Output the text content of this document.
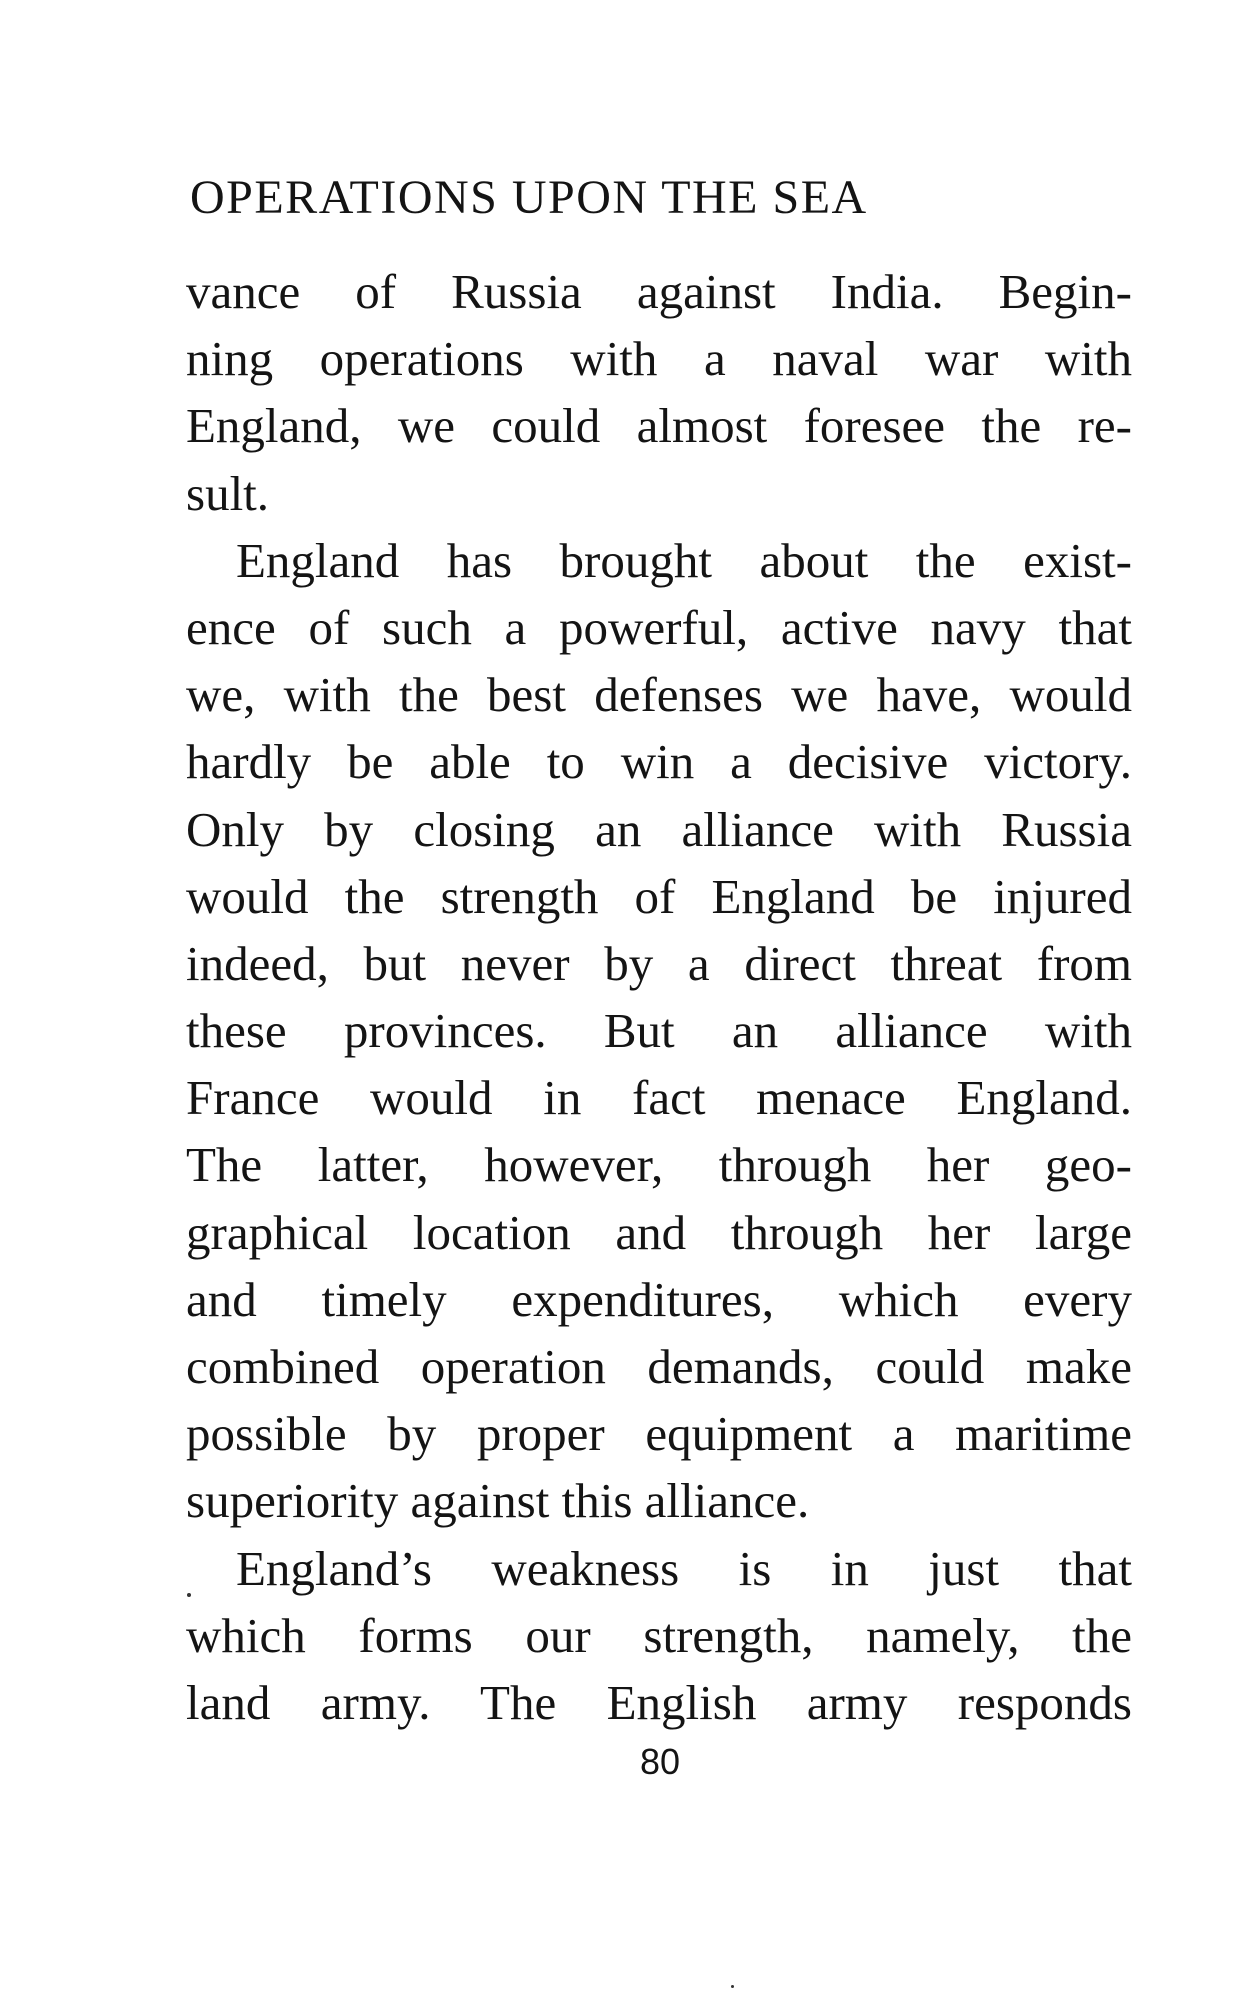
OPERATIONS UPON THE SEA
vance of Russia against India. Begin-
ning operations with a naval war with
England, we could almost foresee the re-
sult.
England has brought about the exist-
ence of such a powerful, active navy that
we, with the best defenses we have, would
hardly be able to win a decisive victory.
Only by closing an alliance with Russia
would the strength of England be injured
indeed, but never by a direct threat from
these provinces. But an alliance with
France would in fact menace England.
The latter, however, through her geo-
graphical location and through her large
and timely expenditures, which every
combined operation demands, could make
possible by proper equipment a maritime
superiority against this alliance.
England’s weakness is in just that
which forms our strength, namely, the
land army. The English army responds
80
